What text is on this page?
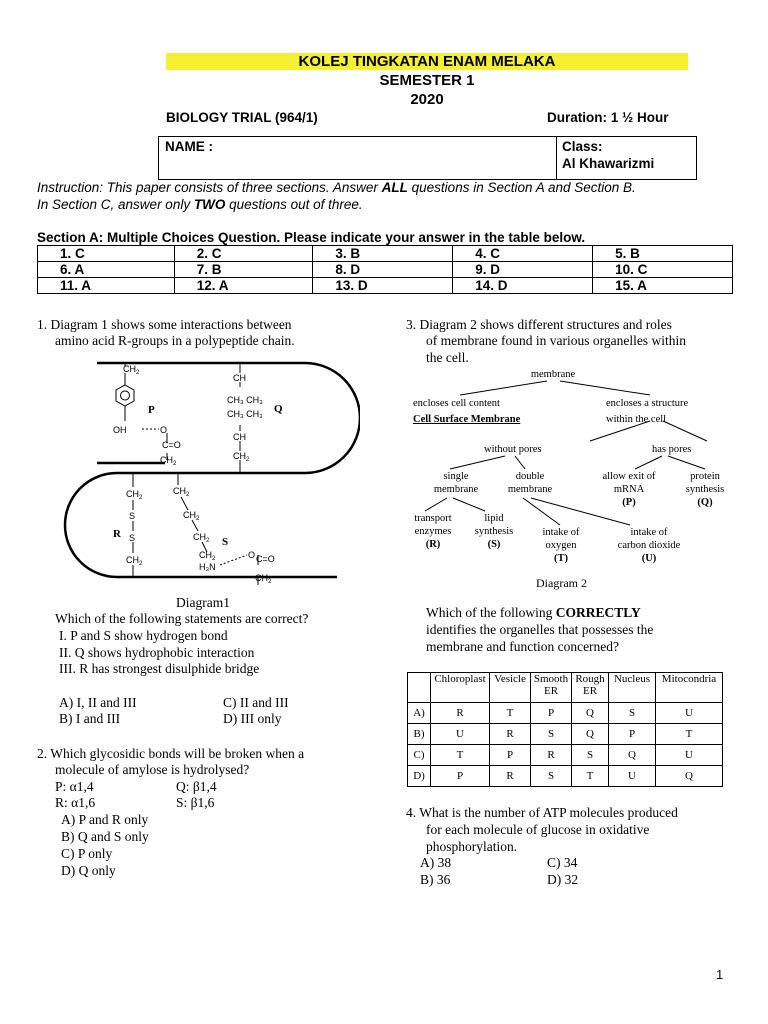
KOLEJ TINGKATAN ENAM MELAKA
SEMESTER 1
2020
BIOLOGY TRIAL (964/1)	Duration: 1 ½ Hour
NAME :	Class:
Al Khawarizmi
Instruction: This paper consists of three sections. Answer ALL questions in Section A and Section B.
In Section C, answer only TWO questions out of three.
Section A: Multiple Choices Question. Please indicate your answer in the table below.
1. C	2. C	3. B	4. C	5. B
6. A	7. B	8. D	9. D	10. C
11. A	12. A	13. D	14. D	15. A
1. Diagram 1 shows some interactions between
amino acid R-groups in a polypeptide chain.
$CH_2$
OH	O
C=O
$CH_2$
CH
CH₃ CH₃
CH₃ CH₃
CH
$CH_2$
$CH_2$
S
S
$CH_2$
$CH_2$
$CH_2$
$CH_2$
$CH_2$
H₃N
O C=O
$CH_2$
P	Q
R
S
Diagram1
Which of the following statements are correct?
I. P and S show hydrogen bond
II. Q shows hydrophobic interaction
III. R has strongest disulphide bridge
A) I, II and III
B) I and III
C) II and III
D) III only
2. Which glycosidic bonds will be broken when a
molecule of amylose is hydrolysed?
P: α1,4	Q: β1,4
R: α1,6	S: β1,6
A) P and R only
B) Q and S only
C) P only
D) Q only
3. Diagram 2 shows different structures and roles
of membrane found in various organelles within
the cell.
membrane
encloses cell content
Cell Surface Membrane
encloses a structure
within the cell
without pores	has pores
single
membrane
double
membrane
allow exit of
mRNA
(P)
protein
synthesis
(Q)
transport
enzymes
(R)
lipid
synthesis
(S)
intake of
oxygen
(T)
intake of
carbon dioxide
(U)
Diagram 2
Which of the following CORRECTLY
identifies the organelles that possesses the
membrane and function concerned?
	Chloroplast	Vesicle	Smooth ER	Rough ER	Nucleus	Mitocondria
A)	R	T	P	Q	S	U
B)	U	R	S	Q	P	T
C)	T	P	R	S	Q	U
D)	P	R	S	T	U	Q
4. What is the number of ATP molecules produced
for each molecule of glucose in oxidative
phosphorylation.
A) 38
B) 36
C) 34
D) 32
1
